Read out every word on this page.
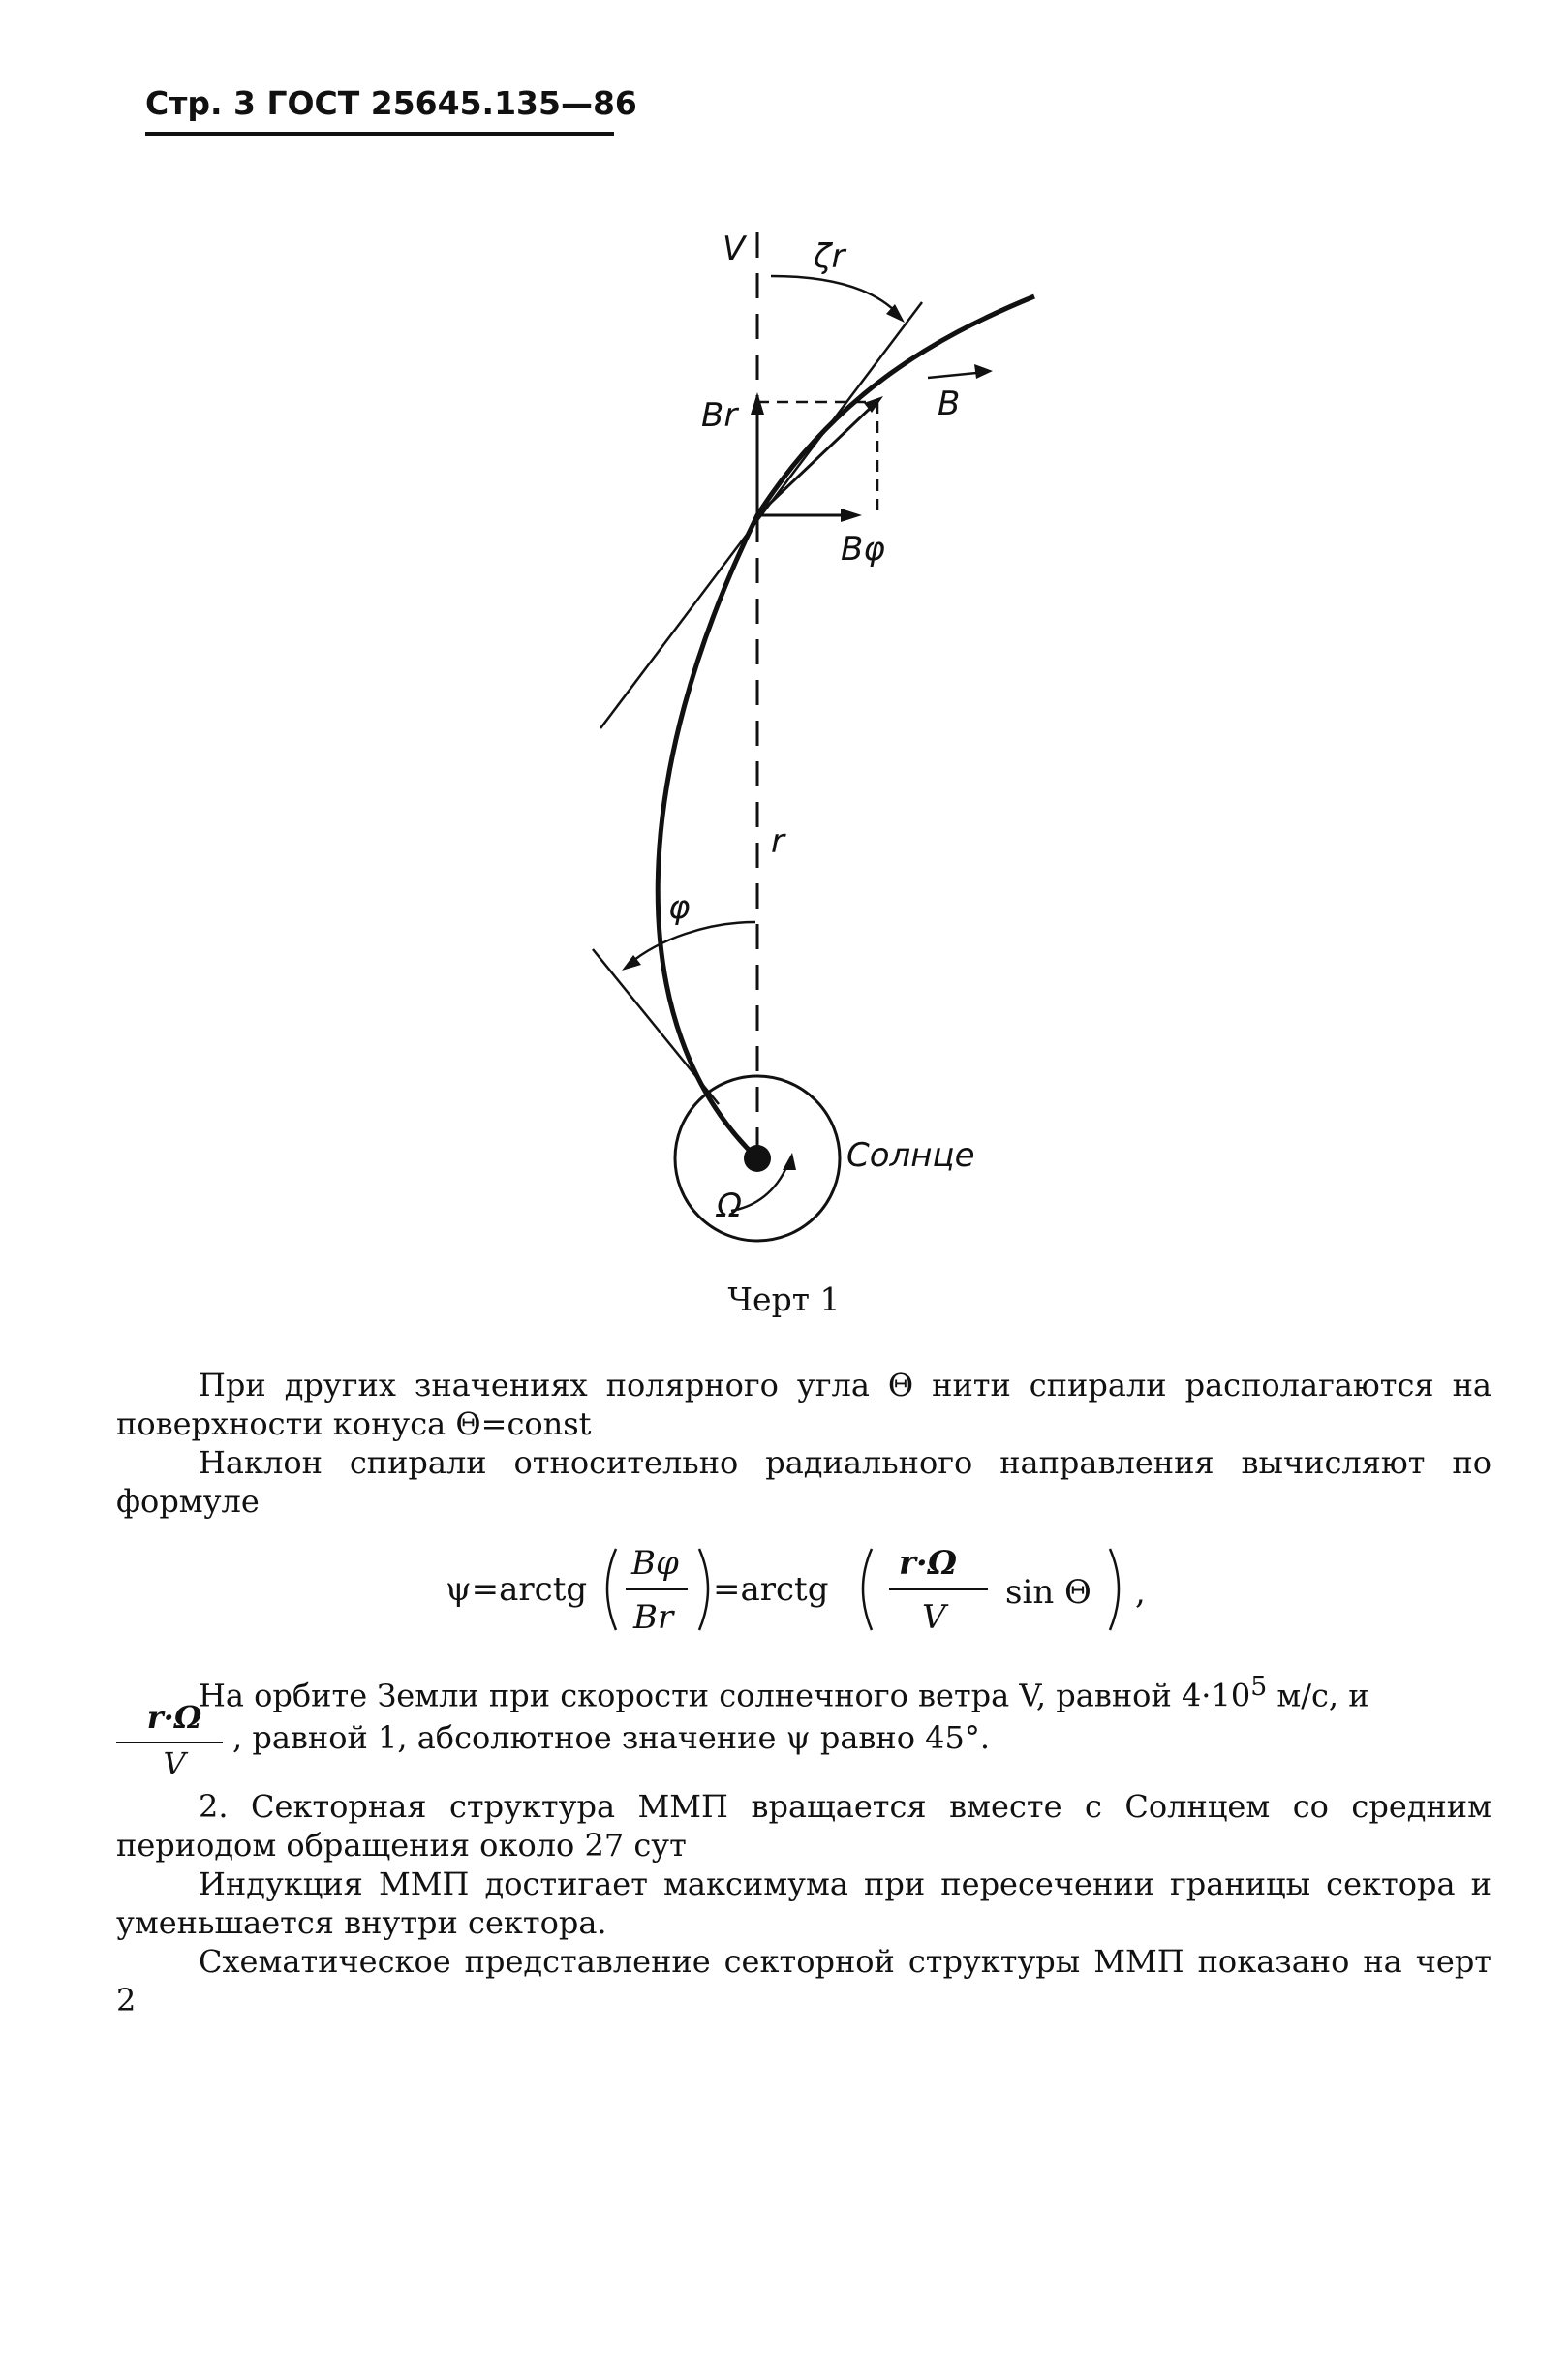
Стр. 3 ГОСТ 25645.135—86
V ζr
Br	B
Bφ
r
φ
Ω
Солнце
Черт 1

При других значениях полярного угла Θ нити спирали располагаются на поверхности конуса Θ=const

Наклон спирали относительно радиального направления вычисляют по формуле

ψ=arctg
Bφ
Br
=arctg
r·Ω
V
sin Θ ,

На орбите Земли при скорости солнечного ветра V, равной $4\cdot 10^5$ м/с, и

r·Ω
V
, равной 1, абсолютное значение ψ равно 45°.

2. Секторная структура ММП вращается вместе с Солнцем со средним периодом обращения около 27 сут

Индукция ММП достигает максимума при пересечении границы сектора и уменьшается внутри сектора.

Схематическое представление секторной структуры ММП показано на черт 2
